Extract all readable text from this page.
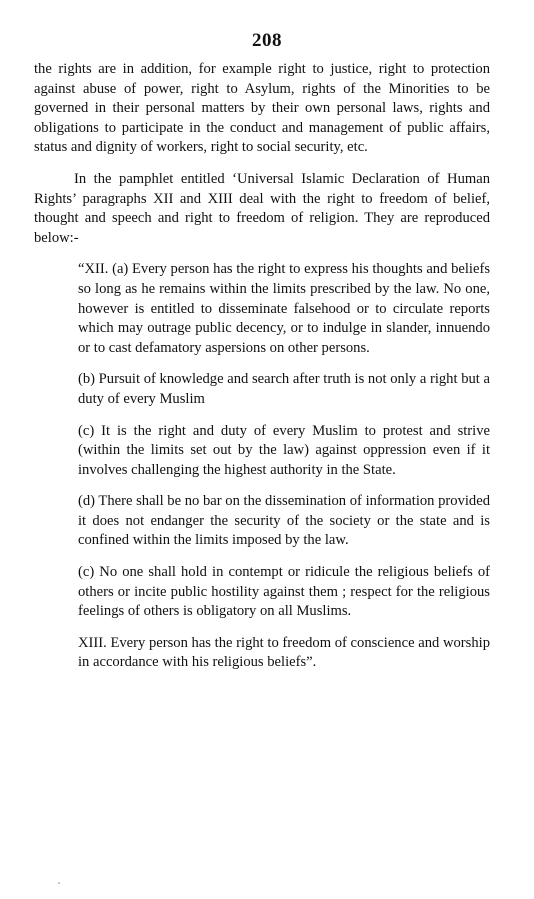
208

the rights are in addition, for example right to justice, right to protection against abuse of power, right to Asylum, rights of the Minorities to be governed in their personal matters by their own personal laws, rights and obligations to participate in the conduct and management of public affairs, status and dignity of workers, right to social security, etc.

In the pamphlet entitled ‘Universal Islamic Declaration of Human Rights’ paragraphs XII and XIII deal with the right to freedom of belief, thought and speech and right to freedom of religion. They are reproduced below:-

“XII. (a) Every person has the right to express his thoughts and beliefs so long as he remains within the limits prescribed by the law. No one, however is entitled to disseminate falsehood or to circulate reports which may outrage public decency, or to indulge in slander, innuendo or to cast defamatory aspersions on other persons.

(b) Pursuit of knowledge and search after truth is not only a right but a duty of every Muslim

(c) It is the right and duty of every Muslim to protest and strive (within the limits set out by the law) against oppression even if it involves challenging the highest authority in the State.

(d) There shall be no bar on the dissemination of information provided it does not endanger the security of the society or the state and is confined within the limits imposed by the law.

(c) No one shall hold in contempt or ridicule the religious beliefs of others or incite public hostility against them ; respect for the religious feelings of others is obligatory on all Muslims.

XIII. Every person has the right to freedom of conscience and worship in accordance with his religious beliefs”.
